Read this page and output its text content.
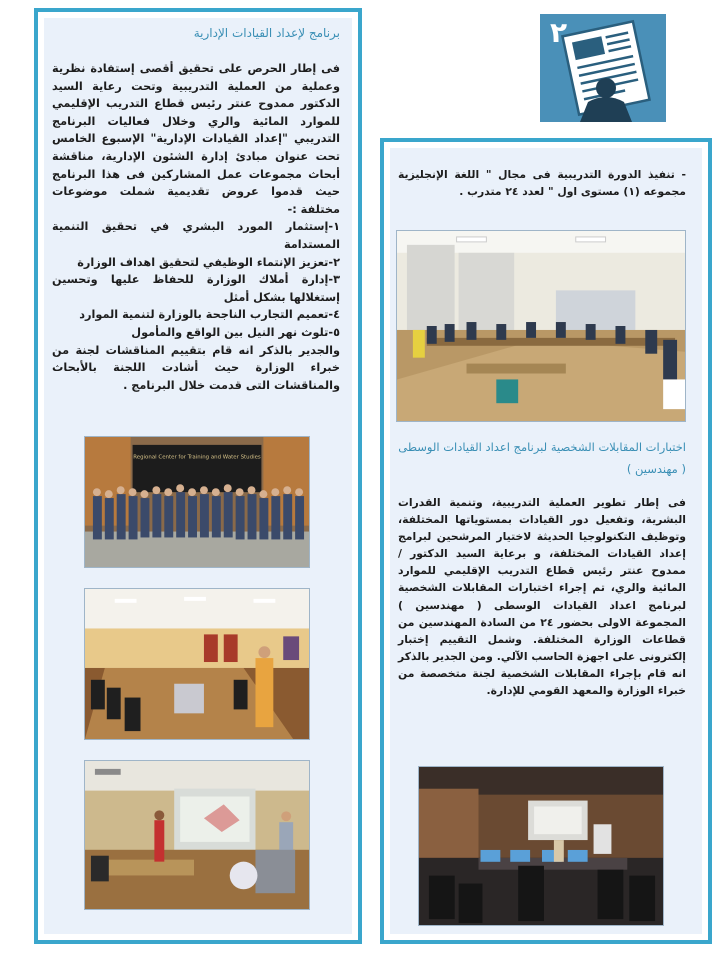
٢
برنامج لإعداد القيادات الإدارية
فى إطار الحرص على تحقيق أقصى إستفادة نظرية وعملية من العملية التدريبية وتحت رعاية السيد الدكتور ممدوح عنتر رئيس قطاع التدريب الإقليمي للموارد المائية والري وخلال فعاليات البرنامج التدريبي "إعداد القيادات الإدارية" الإسبوع الخامس تحت عنوان مبادئ إدارة الشئون الإدارية، مناقشة أبحاث مجموعات عمل المشاركين فى هذا البرنامج حيث قدموا عروض تقديمية شملت موضوعات مختلفة :-
١-إستثمار المورد البشري في تحقيق التنمية المستدامة
٢-تعزيز الإنتماء الوظيفي لتحقيق اهداف الوزارة
٣-إدارة أملاك الوزارة للحفاظ عليها وتحسين إستغلالها بشكل أمثل
٤-تعميم التجارب الناجحة بالوزارة لتنمية الموارد
٥-تلوث نهر النيل بين الواقع والمأمول
والجدير بالذكر انه قام بتقييم المناقشات لجنة من خبراء الوزارة حيث أشادت اللجنة بالأبحاث والمناقشات التى قدمت خلال البرنامج .
Regional Center for Training and Water Studies
- تنفيذ الدورة التدريبية فى مجال " اللغة الإنجليزية مجموعه (١) مستوى اول " لعدد ٢٤ متدرب .
اختبارات المقابلات الشخصية لبرنامج اعداد القيادات الوسطى ( مهندسين )
فى إطار تطوير العملية التدريبية، وتنمية القدرات البشرية، وتفعيل دور القيادات بمستوياتها المختلفة، وتوظيف التكنولوجيا الحديثة لاختيار المرشحين لبرامج إعداد القيادات المختلفة، و برعاية السيد الدكتور / ممدوح عنتر رئيس قطاع التدريب الإقليمي للموارد المائية والري، تم إجراء اختبارات المقابلات الشخصية لبرنامج اعداد القيادات الوسطى ( مهندسين ) المجموعة الاولى بحضور ٢٤ من السادة المهندسين من قطاعات الوزارة المختلفة. وشمل التقييم إختبار إلكترونى على اجهزة الحاسب الآلي. ومن الجدير بالذكر انه قام بإجراء المقابلات الشخصية لجنة متخصصة من خبراء الوزارة والمعهد القومي للإدارة.
